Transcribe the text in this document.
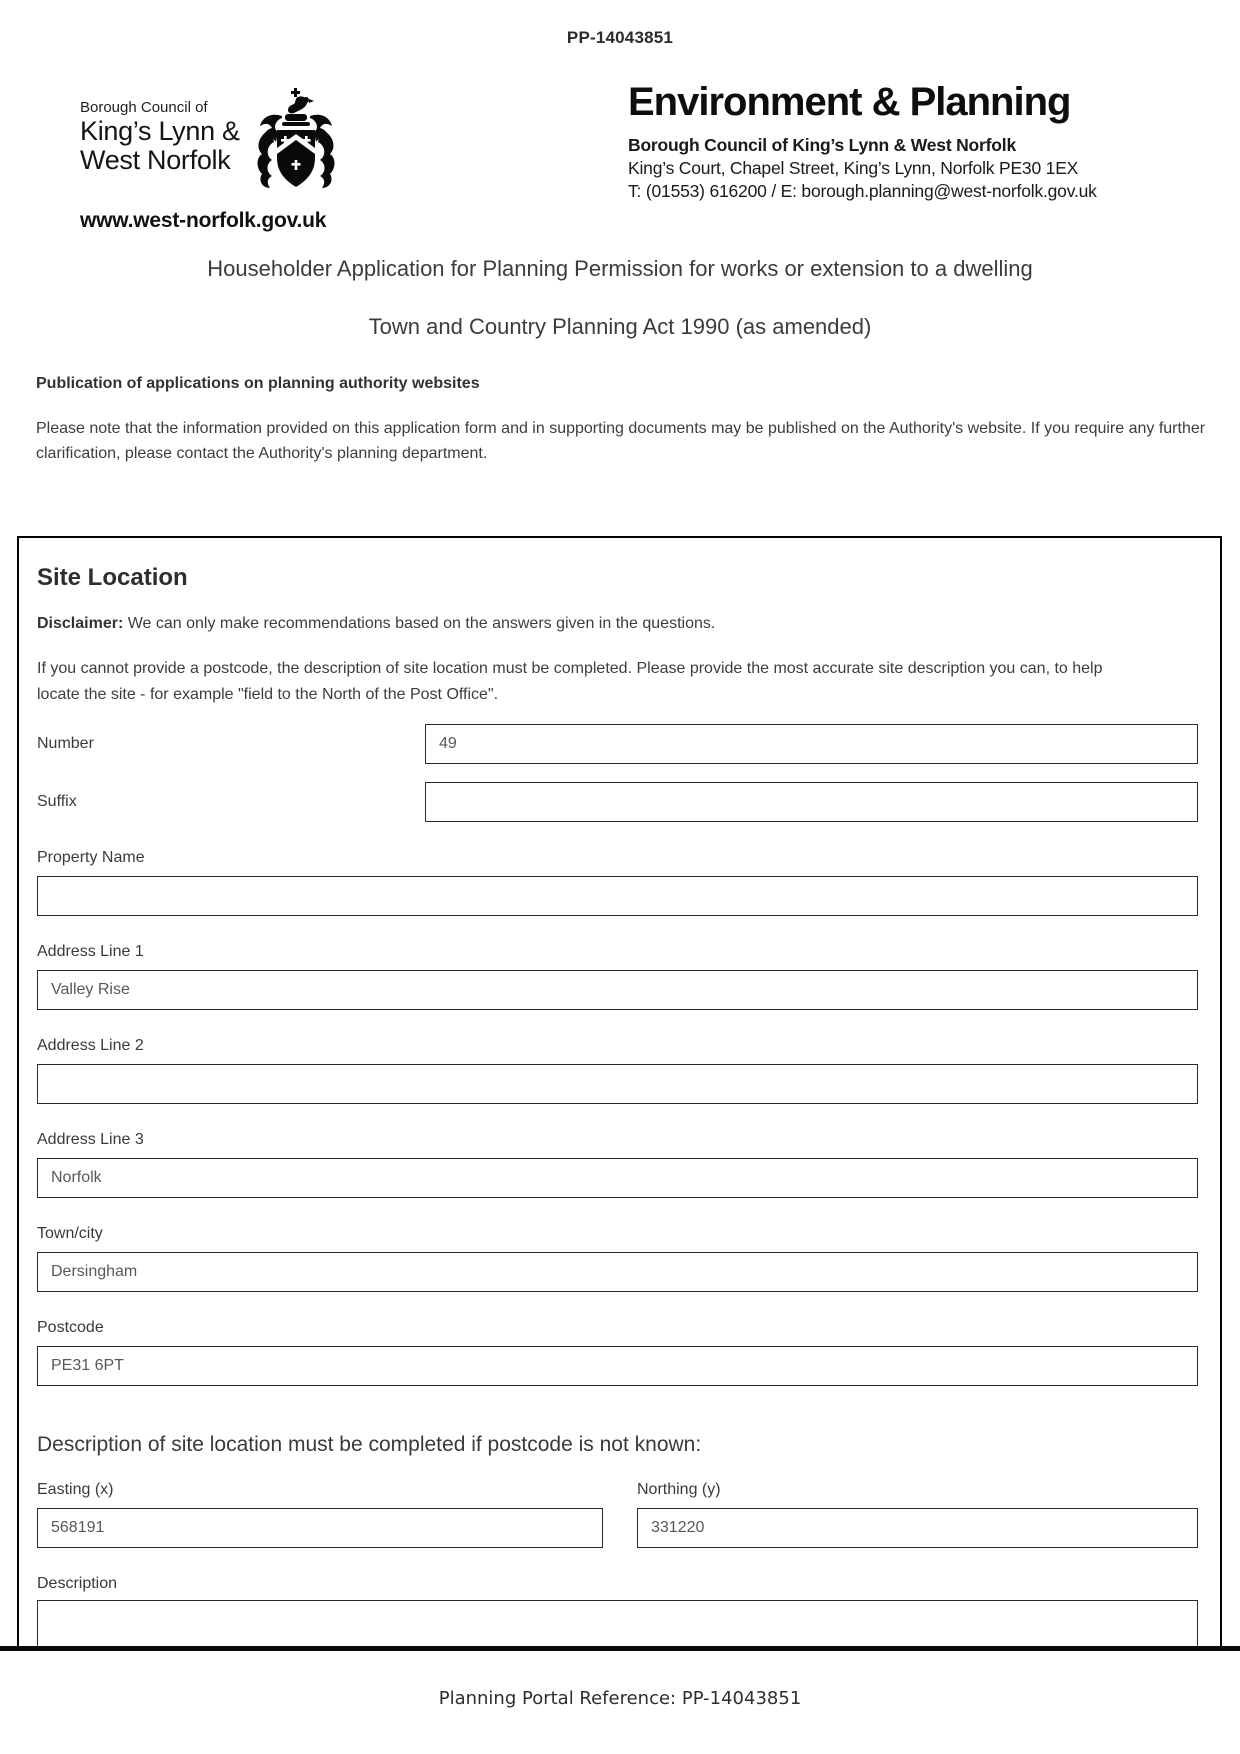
PP-14043851
Borough Council of
King’s Lynn &
West Norfolk
www.west-norfolk.gov.uk
Environment & Planning
Borough Council of King’s Lynn & West Norfolk
King’s Court, Chapel Street, King’s Lynn, Norfolk PE30 1EX
T: (01553) 616200 / E: borough.planning@west-norfolk.gov.uk
Householder Application for Planning Permission for works or extension to a dwelling
Town and Country Planning Act 1990 (as amended)

Publication of applications on planning authority websites

Please note that the information provided on this application form and in supporting documents may be published on the Authority's website. If you require any further clarification, please contact the Authority's planning department.

Site Location

Disclaimer: We can only make recommendations based on the answers given in the questions.

If you cannot provide a postcode, the description of site location must be completed. Please provide the most accurate site description you can, to help locate the site - for example "field to the North of the Post Office".

Number
49
Suffix
Property Name
Address Line 1
Valley Rise
Address Line 2
Address Line 3
Norfolk
Town/city
Dersingham
Postcode
PE31 6PT
Description of site location must be completed if postcode is not known:
Easting (x)
568191	Northing (y)
331220
Description
Planning Portal Reference: PP-14043851
